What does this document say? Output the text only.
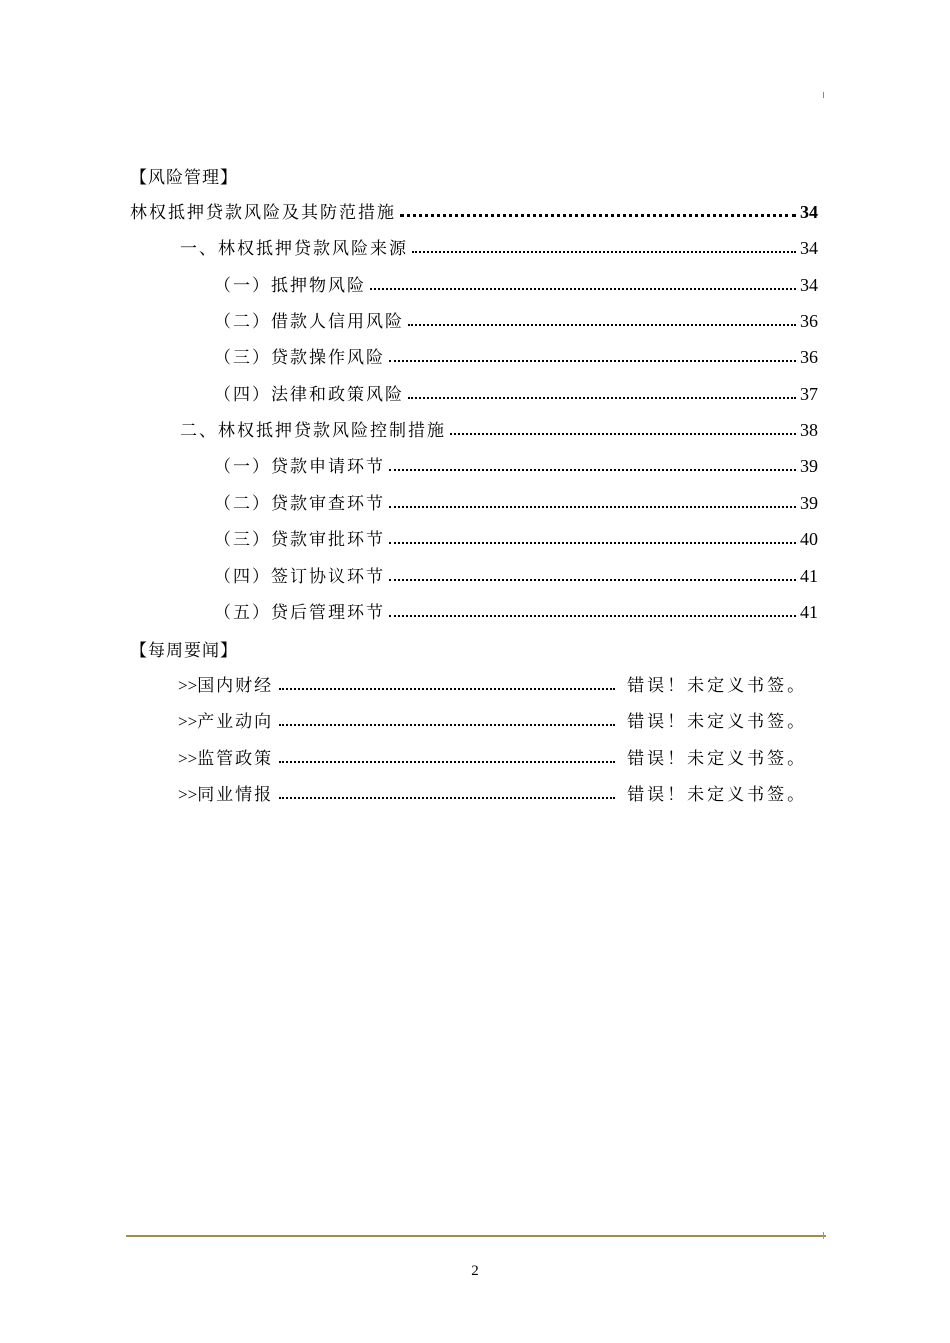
【风险管理】
林权抵押贷款风险及其防范措施	34
一、林权抵押贷款风险来源	34
（一）抵押物风险	34
（二）借款人信用风险	36
（三）贷款操作风险	36
（四）法律和政策风险	37
二、林权抵押贷款风险控制措施	38
（一）贷款申请环节	39
（二）贷款审查环节	39
（三）贷款审批环节	40
（四）签订协议环节	41
（五）贷后管理环节	41
【每周要闻】
>>国内财经	错误！未定义书签。
>>产业动向	错误！未定义书签。
>>监管政策	错误！未定义书签。
>>同业情报	错误！未定义书签。
2
